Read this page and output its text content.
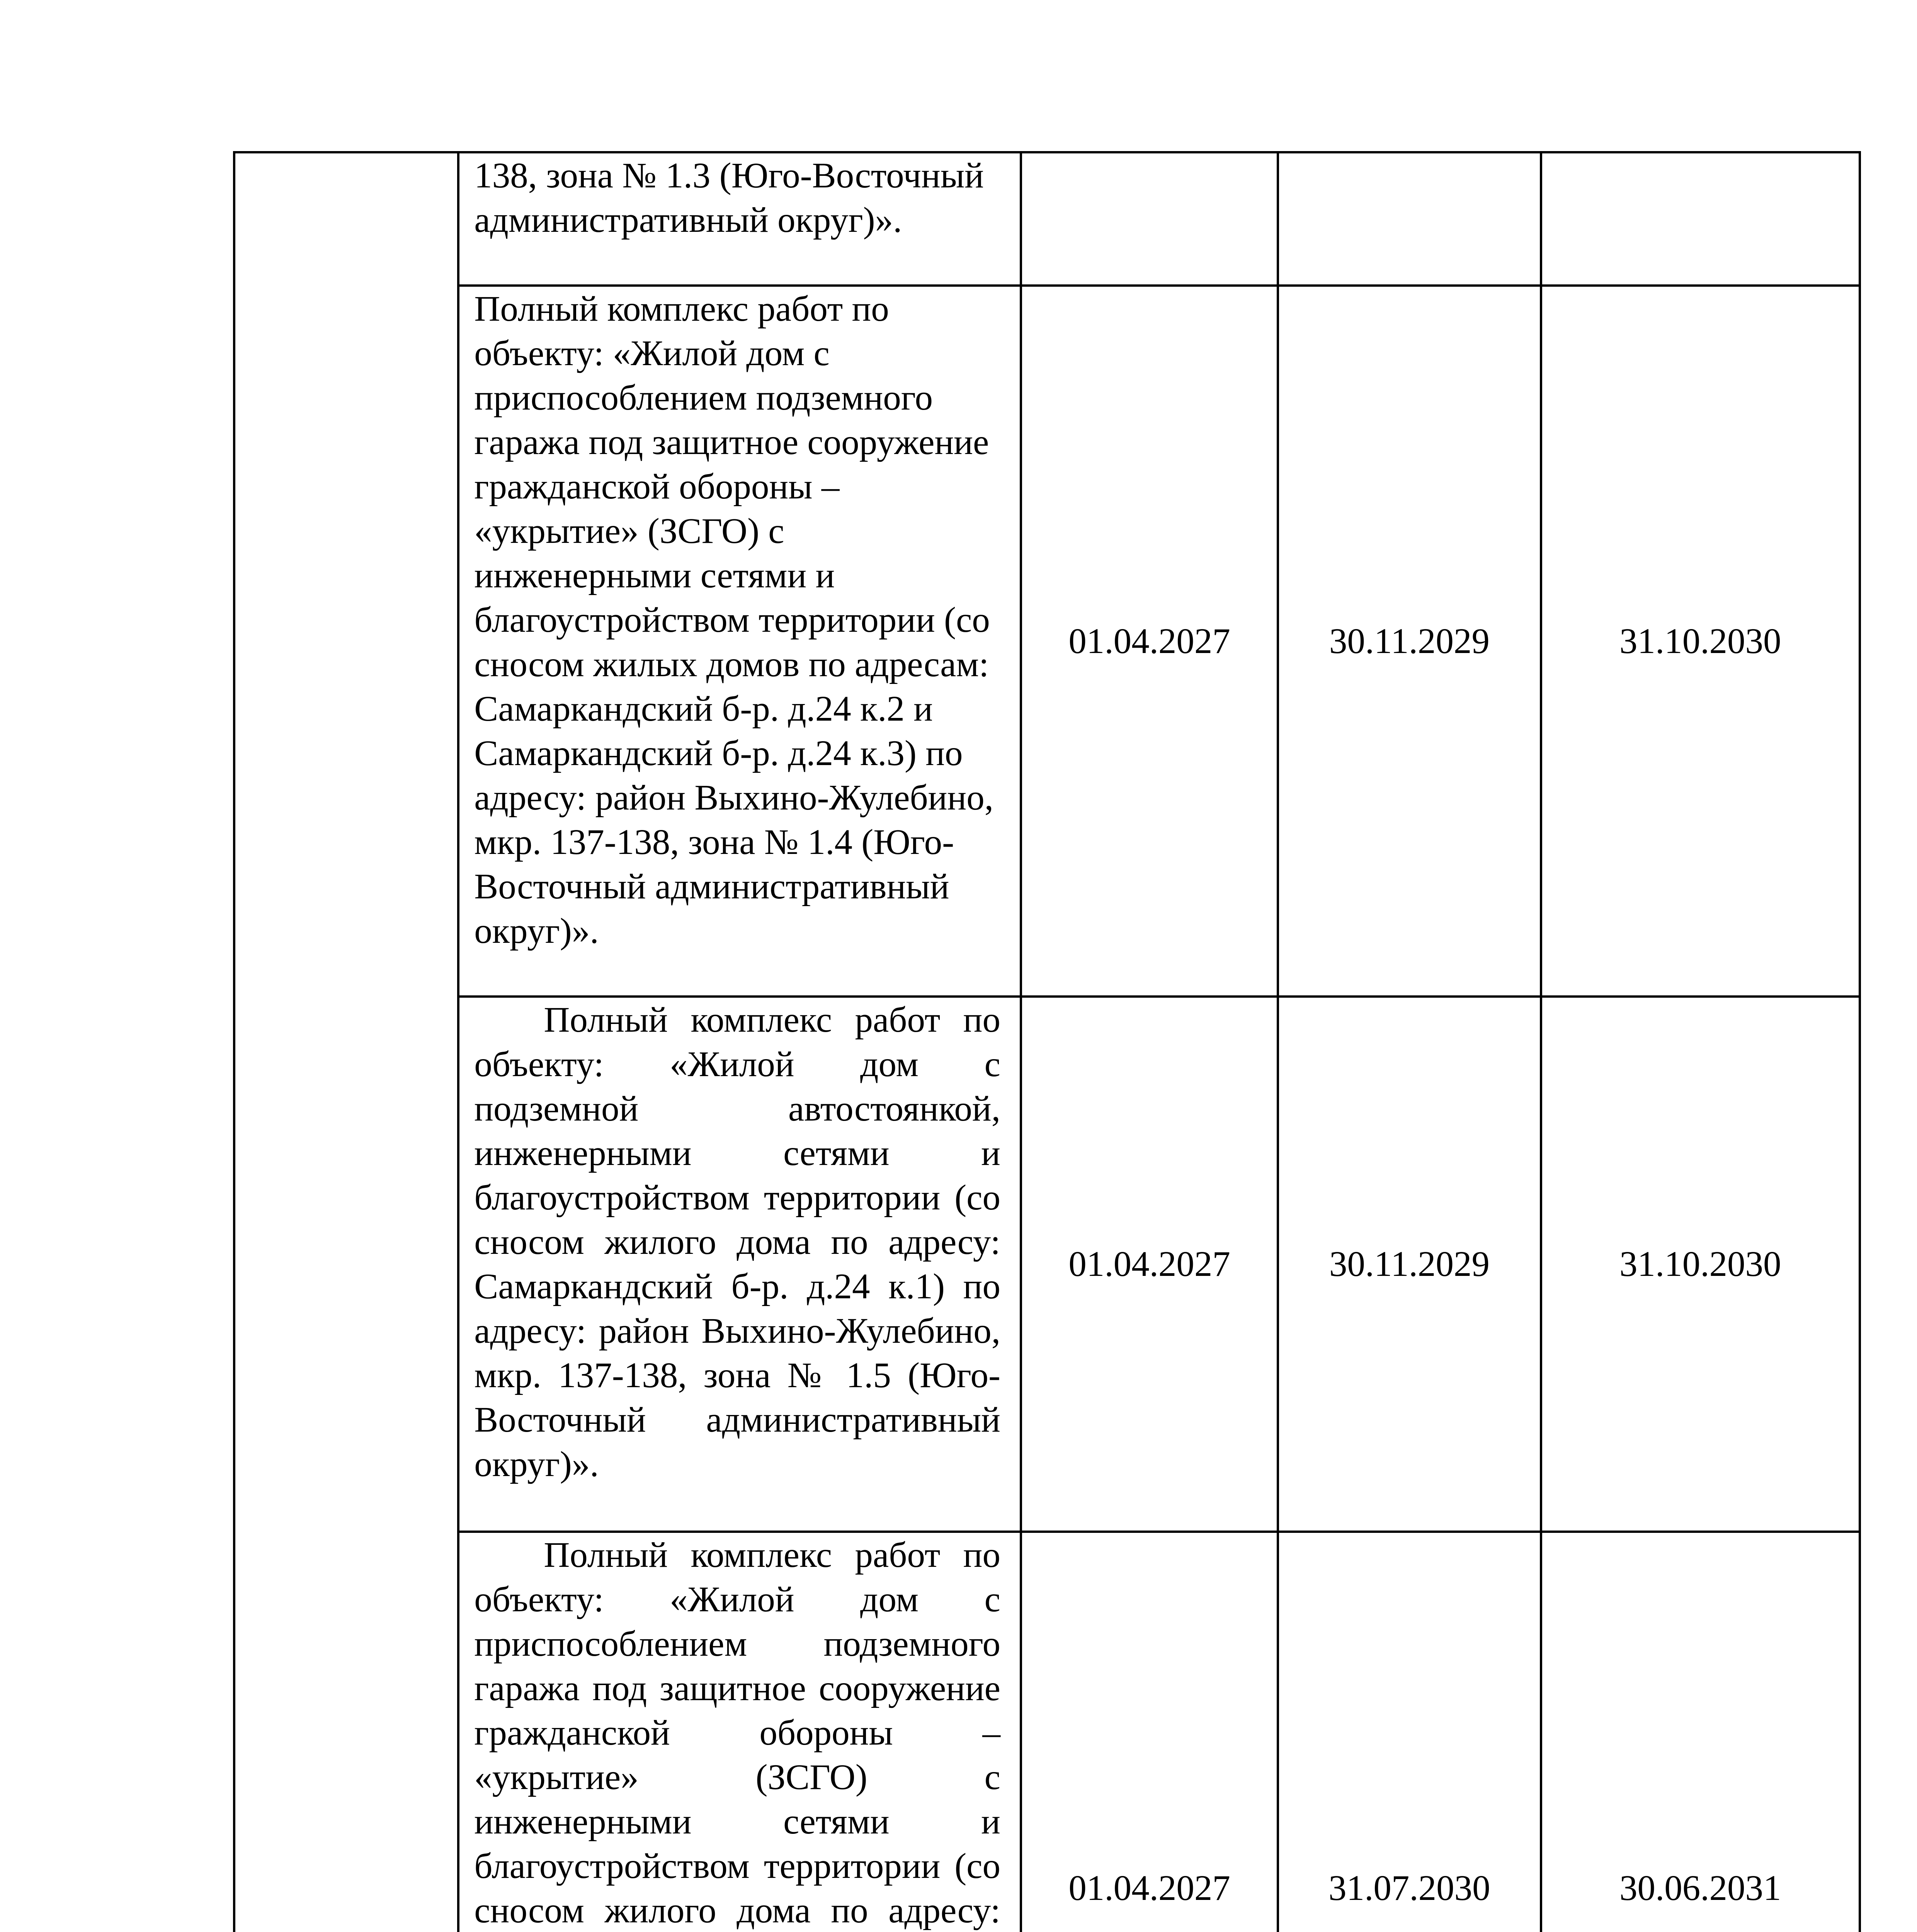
	138, зона № 1.3 (Юго-Восточный административный округ)».			

	Полный комплекс работ по объекту: «Жилой дом с приспособлением подземного гаража под защитное сооружение гражданской обороны – «укрытие» (ЗСГО) с инженерными сетями и благоустройством территории (со сносом жилых домов по адресам: Самаркандский б-р. д.24 к.2 и Самаркандский б-р. д.24 к.3) по адресу: район Выхино-Жулебино, мкр. 137-138, зона № 1.4 (Юго-Восточный административный округ)».	01.04.2027	30.11.2029	31.10.2030

	Полный комплекс работ по объекту: «Жилой дом с подземной автостоянкой, инженерными сетями и благоустройством территории (со сносом жилого дома по адресу: Самаркандский б-р. д.24 к.1) по адресу: район Выхино-Жулебино, мкр. 137-138, зона № 1.5 (Юго-Восточный административный округ)».	01.04.2027	30.11.2029	31.10.2030

	Полный комплекс работ по объекту: «Жилой дом с приспособлением подземного гаража под защитное сооружение гражданской обороны – «укрытие» (ЗСГО) с инженерными сетями и благоустройством территории (со сносом жилого дома по адресу:	01.04.2027	31.07.2030	30.06.2031
